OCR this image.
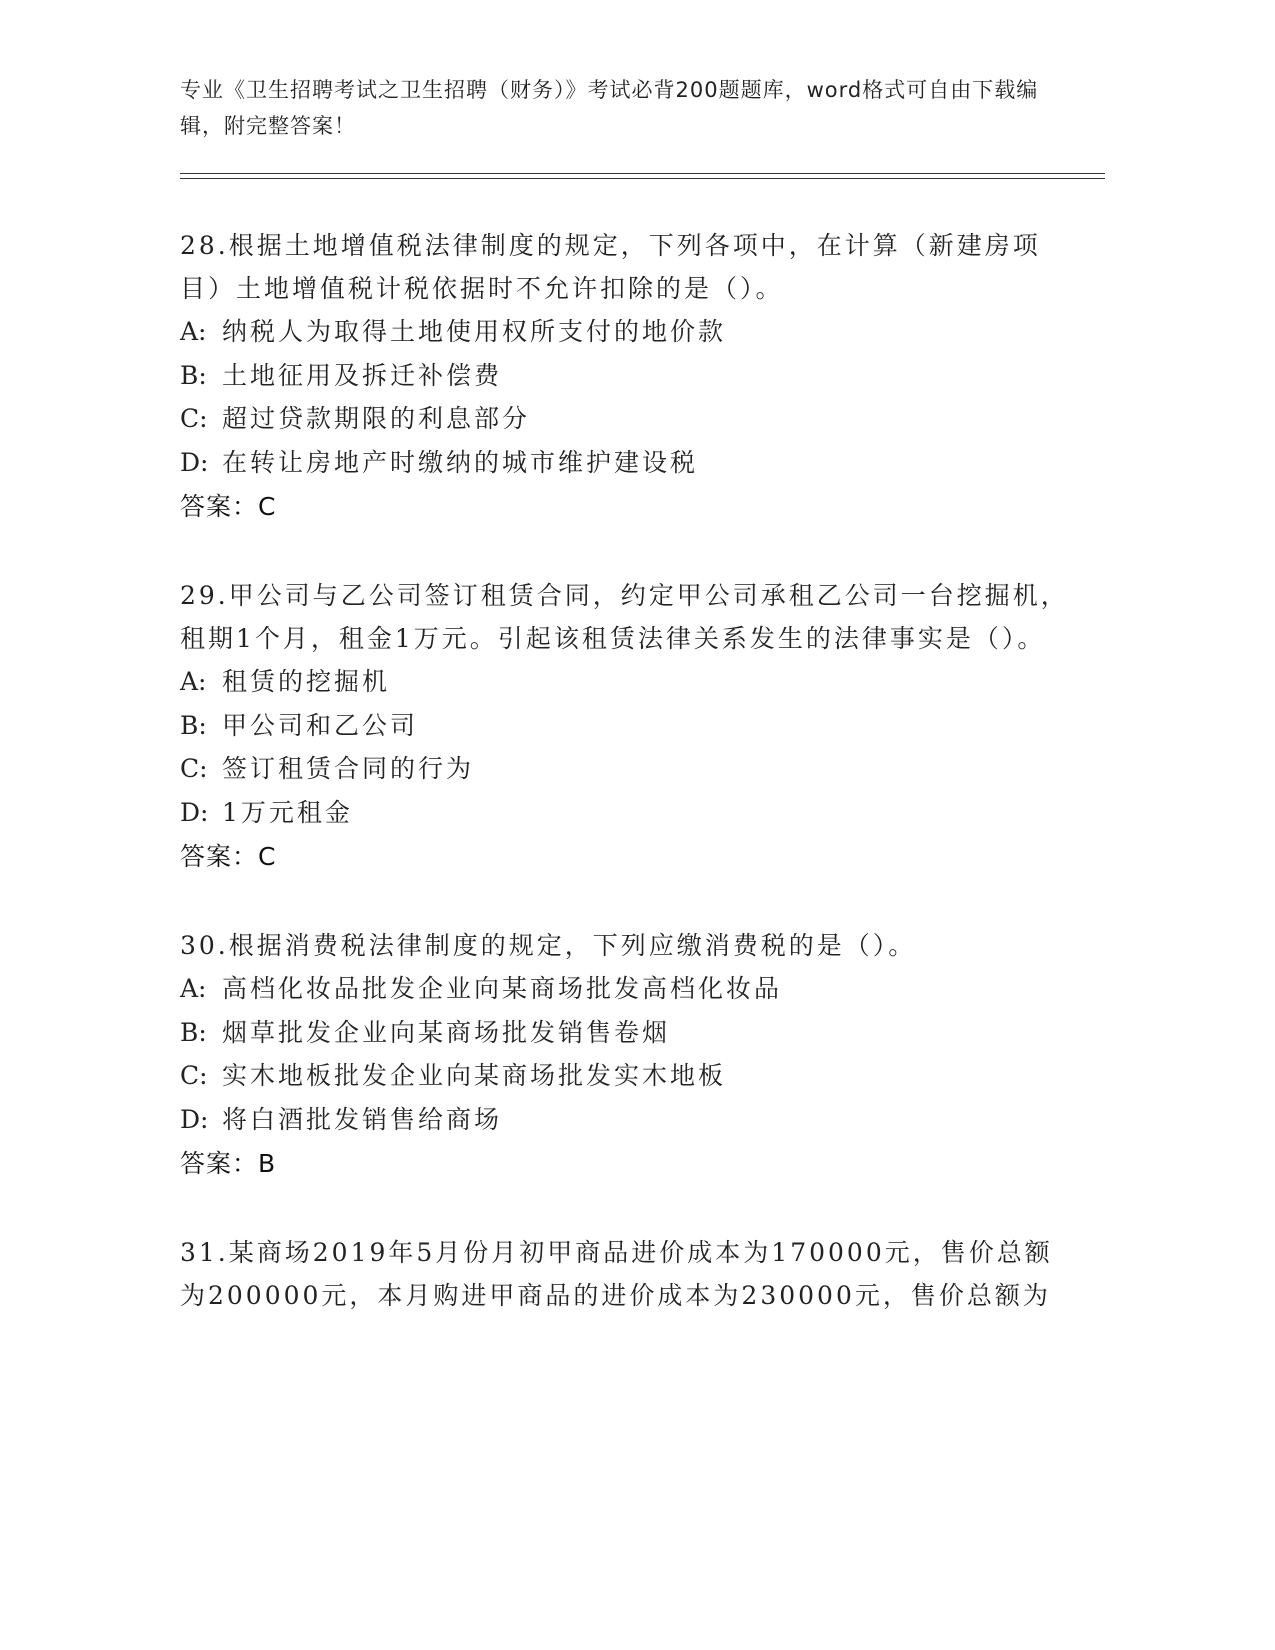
专业《卫生招聘考试之卫生招聘（财务）》考试必背200题题库，word格式可自由下载编辑，附完整答案！
28.根据土地增值税法律制度的规定，下列各项中，在计算（新建房项目）土地增值税计税依据时不允许扣除的是（）。
A: 纳税人为取得土地使用权所支付的地价款
B: 土地征用及拆迁补偿费
C: 超过贷款期限的利息部分
D: 在转让房地产时缴纳的城市维护建设税
答案：C
29.甲公司与乙公司签订租赁合同，约定甲公司承租乙公司一台挖掘机，租期1个月，租金1万元。引起该租赁法律关系发生的法律事实是（）。
A: 租赁的挖掘机
B: 甲公司和乙公司
C: 签订租赁合同的行为
D: 1万元租金
答案：C
30.根据消费税法律制度的规定，下列应缴消费税的是（）。
A: 高档化妆品批发企业向某商场批发高档化妆品
B: 烟草批发企业向某商场批发销售卷烟
C: 实木地板批发企业向某商场批发实木地板
D: 将白酒批发销售给商场
答案：B
31.某商场2019年5月份月初甲商品进价成本为170000元，售价总额为200000元，本月购进甲商品的进价成本为230000元，售价总额为
